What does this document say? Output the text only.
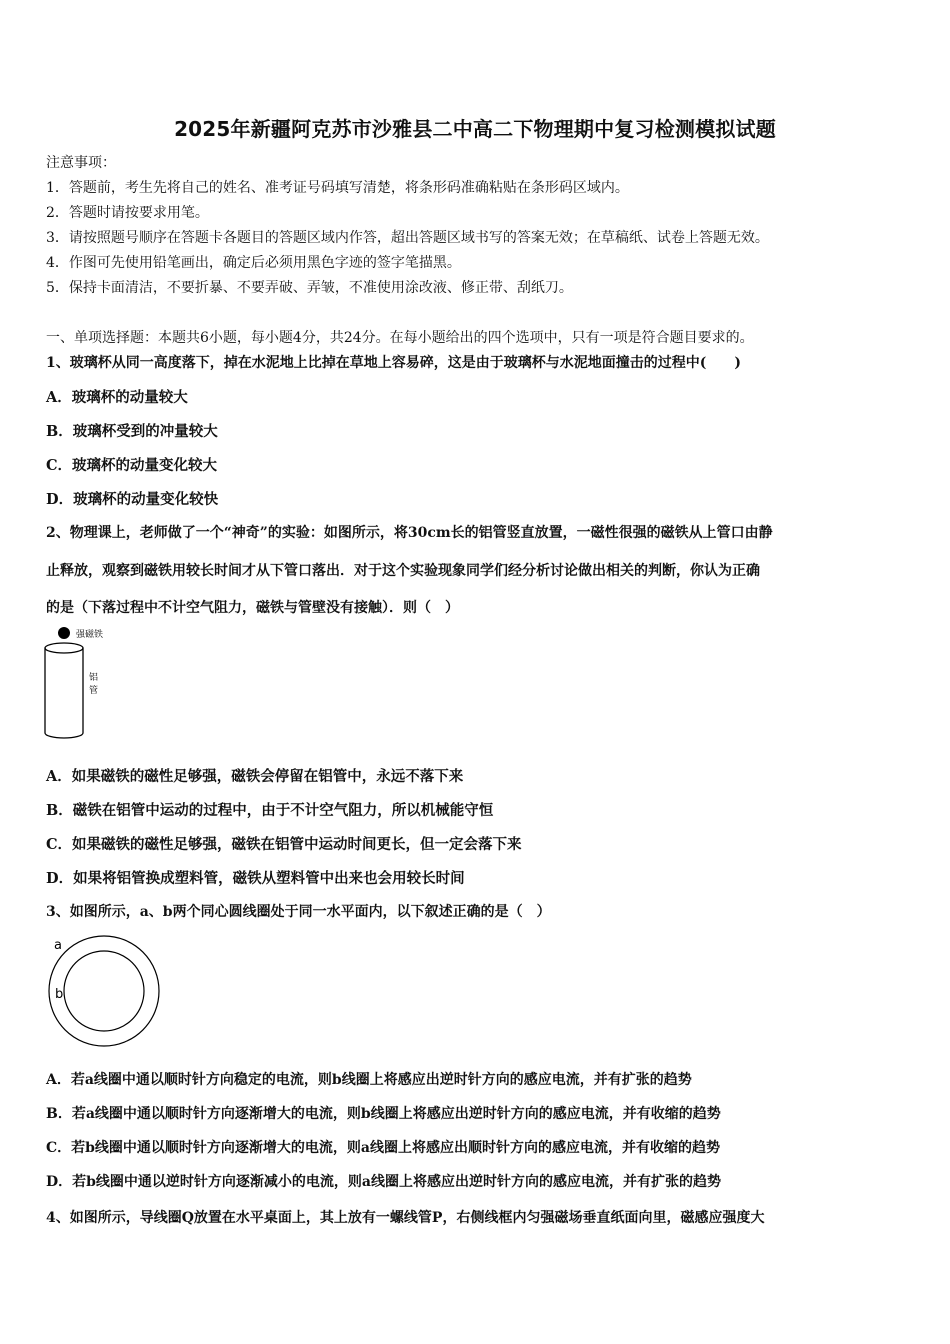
2025年新疆阿克苏市沙雅县二中高二下物理期中复习检测模拟试题
注意事项：
1．答题前，考生先将自己的姓名、准考证号码填写清楚，将条形码准确粘贴在条形码区域内。
2．答题时请按要求用笔。
3．请按照题号顺序在答题卡各题目的答题区域内作答，超出答题区域书写的答案无效；在草稿纸、试卷上答题无效。
4．作图可先使用铅笔画出，确定后必须用黑色字迹的签字笔描黑。
5．保持卡面清洁，不要折暴、不要弄破、弄皱，不准使用涂改液、修正带、刮纸刀。
一、单项选择题：本题共6小题，每小题4分，共24分。在每小题给出的四个选项中，只有一项是符合题目要求的。
1、玻璃杯从同一高度落下，掉在水泥地上比掉在草地上容易碎，这是由于玻璃杯与水泥地面撞击的过程中(　　)
A．玻璃杯的动量较大
B．玻璃杯受到的冲量较大
C．玻璃杯的动量变化较大
D．玻璃杯的动量变化较快
2、物理课上，老师做了一个“神奇”的实验：如图所示，将30cm长的铝管竖直放置，一磁性很强的磁铁从上管口由静
止释放，观察到磁铁用较长时间才从下管口落出．对于这个实验现象同学们经分析讨论做出相关的判断，你认为正确
的是（下落过程中不计空气阻力，磁铁与管壁没有接触）．则（　）
强磁铁
铝
管
A．如果磁铁的磁性足够强，磁铁会停留在铝管中，永远不落下来
B．磁铁在铝管中运动的过程中，由于不计空气阻力，所以机械能守恒
C．如果磁铁的磁性足够强，磁铁在铝管中运动时间更长，但一定会落下来
D．如果将铝管换成塑料管，磁铁从塑料管中出来也会用较长时间
3、如图所示，a、b两个同心圆线圈处于同一水平面内，以下叙述正确的是（　）
a
b
A．若a线圈中通以顺时针方向稳定的电流，则b线圈上将感应出逆时针方向的感应电流，并有扩张的趋势
B．若a线圈中通以顺时针方向逐渐增大的电流，则b线圈上将感应出逆时针方向的感应电流，并有收缩的趋势
C．若b线圈中通以顺时针方向逐渐增大的电流，则a线圈上将感应出顺时针方向的感应电流，并有收缩的趋势
D．若b线圈中通以逆时针方向逐渐减小的电流，则a线圈上将感应出逆时针方向的感应电流，并有扩张的趋势
4、如图所示，导线圈Q放置在水平桌面上，其上放有一螺线管P，右侧线框内匀强磁场垂直纸面向里，磁感应强度大
